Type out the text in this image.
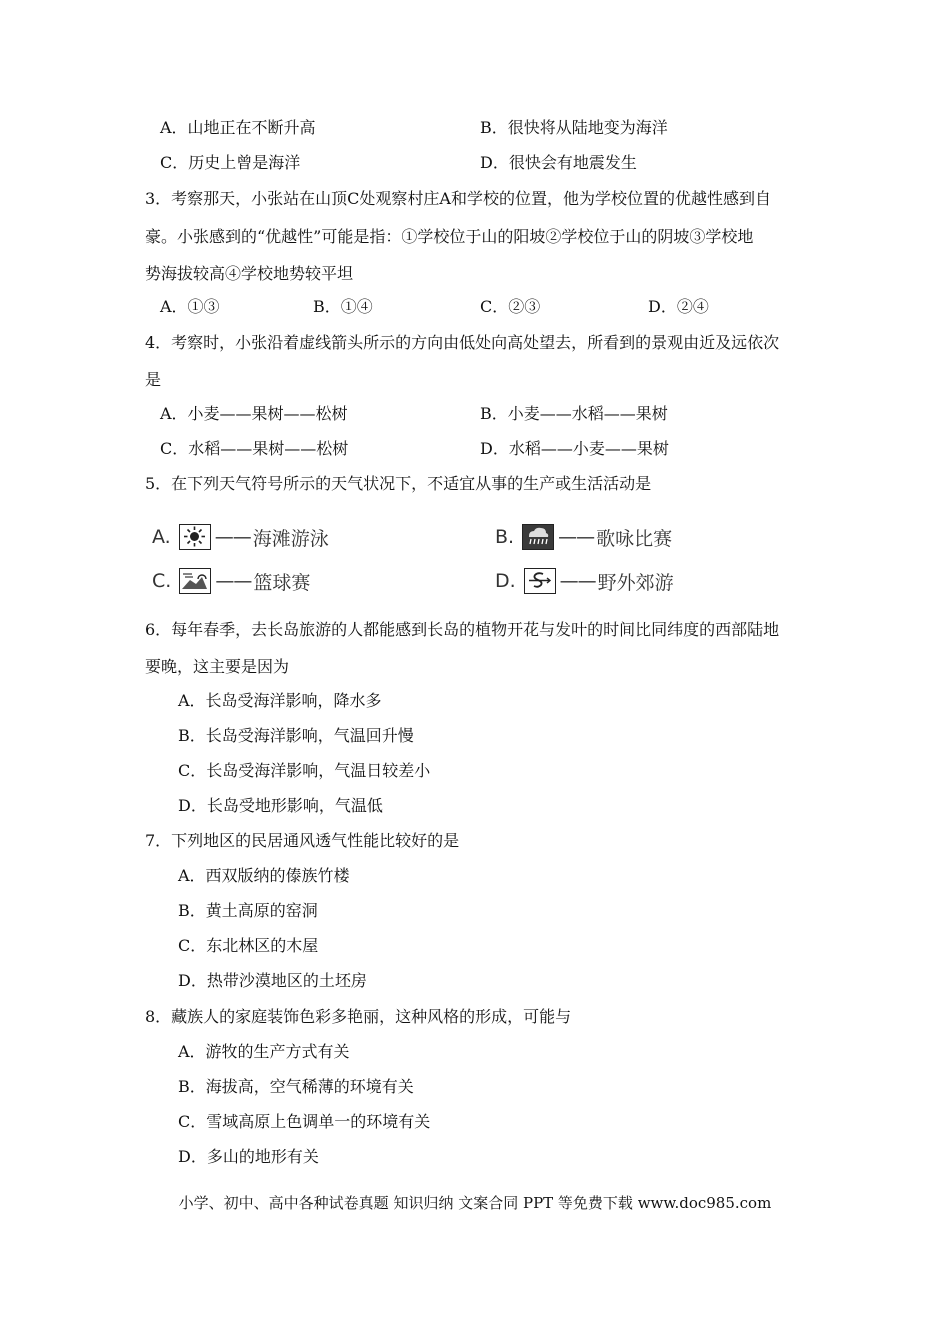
A．山地正在不断升高	B．很快将从陆地变为海洋
C．历史上曾是海洋	D．很快会有地震发生
3．考察那天，小张站在山顶C处观察村庄A和学校的位置，他为学校位置的优越性感到自
豪。小张感到的“优越性”可能是指：①学校位于山的阳坡②学校位于山的阴坡③学校地
势海拔较高④学校地势较平坦
A．①③	B．①④	C．②③	D．②④
4．考察时，小张沿着虚线箭头所示的方向由低处向高处望去，所看到的景观由近及远依次
是
A．小麦——果树——松树	B．小麦——水稻——果树
C．水稻——果树——松树	D．水稻——小麦——果树
5．在下列天气符号所示的天气状况下，不适宜从事的生产或生活活动是
A. —— 海滩游泳	B. —— 歌咏比赛
C. —— 篮球赛	D. —— 野外郊游
6．每年春季，去长岛旅游的人都能感到长岛的植物开花与发叶的时间比同纬度的西部陆地
要晚，这主要是因为
A．长岛受海洋影响，降水多
B．长岛受海洋影响，气温回升慢
C．长岛受海洋影响，气温日较差小
D．长岛受地形影响，气温低
7．下列地区的民居通风透气性能比较好的是
A．西双版纳的傣族竹楼
B．黄土高原的窑洞
C．东北林区的木屋
D．热带沙漠地区的土坯房
8．藏族人的家庭装饰色彩多艳丽，这种风格的形成，可能与
A．游牧的生产方式有关
B．海拔高，空气稀薄的环境有关
C．雪域高原上色调单一的环境有关
D．多山的地形有关
小学、初中、高中各种试卷真题 知识归纳 文案合同 PPT 等免费下载 www.doc985.com
